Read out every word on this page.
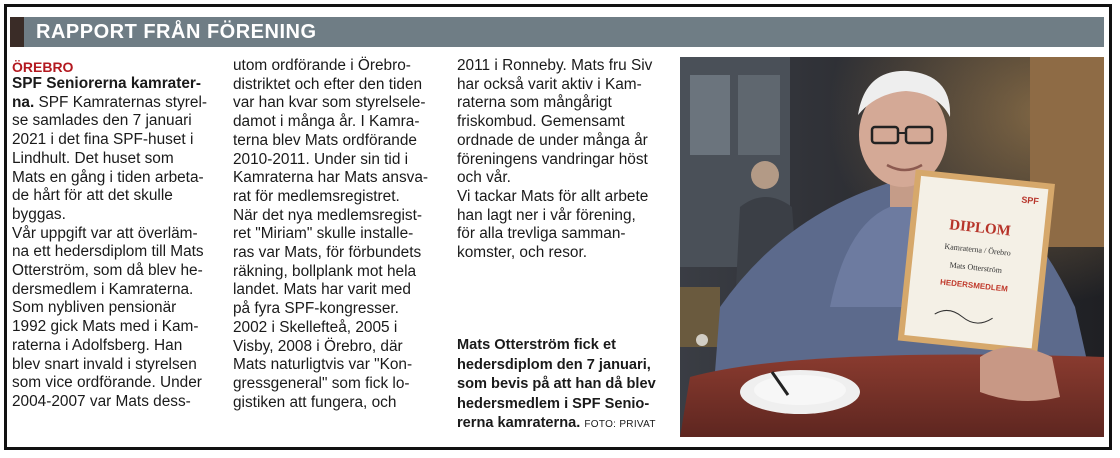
RAPPORT FRÅN FÖRENING
ÖREBRO

SPF Seniorerna kamrater-
na. SPF Kamraternas styrel-
se samlades den 7 januari
2021 i det fina SPF-huset i
Lindhult. Det huset som
Mats en gång i tiden arbeta-
de hårt för att det skulle
byggas.
Vår uppgift var att överläm-
na ett hedersdiplom till Mats
Otterström, som då blev he-
dersmedlem i Kamraterna.
Som nybliven pensionär
1992 gick Mats med i Kam-
raterna i Adolfsberg. Han
blev snart invald i styrelsen
som vice ordförande. Under
2004-2007 var Mats dess-

utom ordförande i Örebro-
distriktet och efter den tiden
var han kvar som styrelsele-
damot i många år. I Kamra-
terna blev Mats ordförande
2010-2011. Under sin tid i
Kamraterna har Mats ansva-
rat för medlemsregistret.
När det nya medlemsregist-
ret "Miriam" skulle installe-
ras var Mats, för förbundets
räkning, bollplank mot hela
landet. Mats har varit med
på fyra SPF-kongresser.
2002 i Skellefteå, 2005 i
Visby, 2008 i Örebro, där
Mats naturligtvis var "Kon-
gressgeneral" som fick lo-
gistiken att fungera, och

2011 i Ronneby. Mats fru Siv
har också varit aktiv i Kam-
raterna som mångårigt
friskombud. Gemensamt
ordnade de under många år
föreningens vandringar höst
och vår.
Vi tackar Mats för allt arbete
han lagt ner i vår förening,
för alla trevliga samman-
komster, och resor.

Mats Otterström fick et
hedersdiplom den 7 januari,
som bevis på att han då blev
hedersmedlem i SPF Senio-
rerna kamraterna. FOTO: PRIVAT
DIPLOM
Kamraterna / Örebro
Mats Otterström
HEDERSMEDLEM
SPF
